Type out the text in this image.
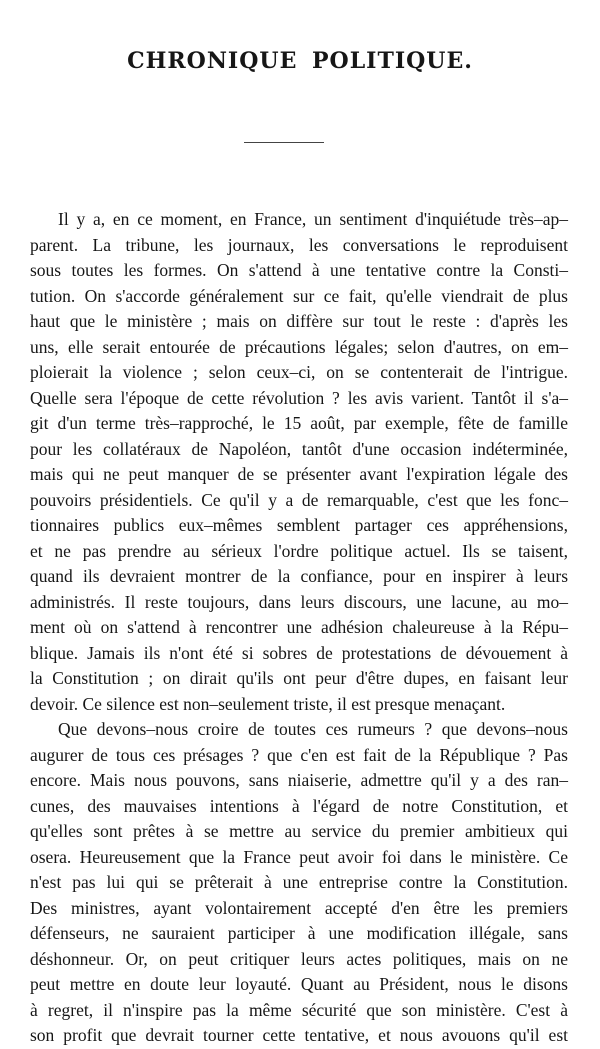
CHRONIQUE POLITIQUE.
Il y a, en ce moment, en France, un sentiment d'inquiétude très–ap–
parent. La tribune, les journaux, les conversations le reproduisent
sous toutes les formes. On s'attend à une tentative contre la Consti–
tution. On s'accorde généralement sur ce fait, qu'elle viendrait de plus
haut que le ministère ; mais on diffère sur tout le reste : d'après les
uns, elle serait entourée de précautions légales; selon d'autres, on em–
ploierait la violence ; selon ceux–ci, on se contenterait de l'intrigue.
Quelle sera l'époque de cette révolution ? les avis varient. Tantôt il s'a–
git d'un terme très–rapproché, le 15 août, par exemple, fête de famille
pour les collatéraux de Napoléon, tantôt d'une occasion indéterminée,
mais qui ne peut manquer de se présenter avant l'expiration légale des
pouvoirs présidentiels. Ce qu'il y a de remarquable, c'est que les fonc–
tionnaires publics eux–mêmes semblent partager ces appréhensions,
et ne pas prendre au sérieux l'ordre politique actuel. Ils se taisent,
quand ils devraient montrer de la confiance, pour en inspirer à leurs
administrés. Il reste toujours, dans leurs discours, une lacune, au mo–
ment où on s'attend à rencontrer une adhésion chaleureuse à la Répu–
blique. Jamais ils n'ont été si sobres de protestations de dévouement à
la Constitution ; on dirait qu'ils ont peur d'être dupes, en faisant leur
devoir. Ce silence est non–seulement triste, il est presque menaçant.
Que devons–nous croire de toutes ces rumeurs ? que devons–nous
augurer de tous ces présages ? que c'en est fait de la République ? Pas
encore. Mais nous pouvons, sans niaiserie, admettre qu'il y a des ran–
cunes, des mauvaises intentions à l'égard de notre Constitution, et
qu'elles sont prêtes à se mettre au service du premier ambitieux qui
osera. Heureusement que la France peut avoir foi dans le ministère. Ce
n'est pas lui qui se prêterait à une entreprise contre la Constitution.
Des ministres, ayant volontairement accepté d'en être les premiers
défenseurs, ne sauraient participer à une modification illégale, sans
déshonneur. Or, on peut critiquer leurs actes politiques, mais on ne
peut mettre en doute leur loyauté. Quant au Président, nous le disons
à regret, il n'inspire pas la même sécurité que son ministère. C'est à
son profit que devrait tourner cette tentative, et nous avouons qu'il est
